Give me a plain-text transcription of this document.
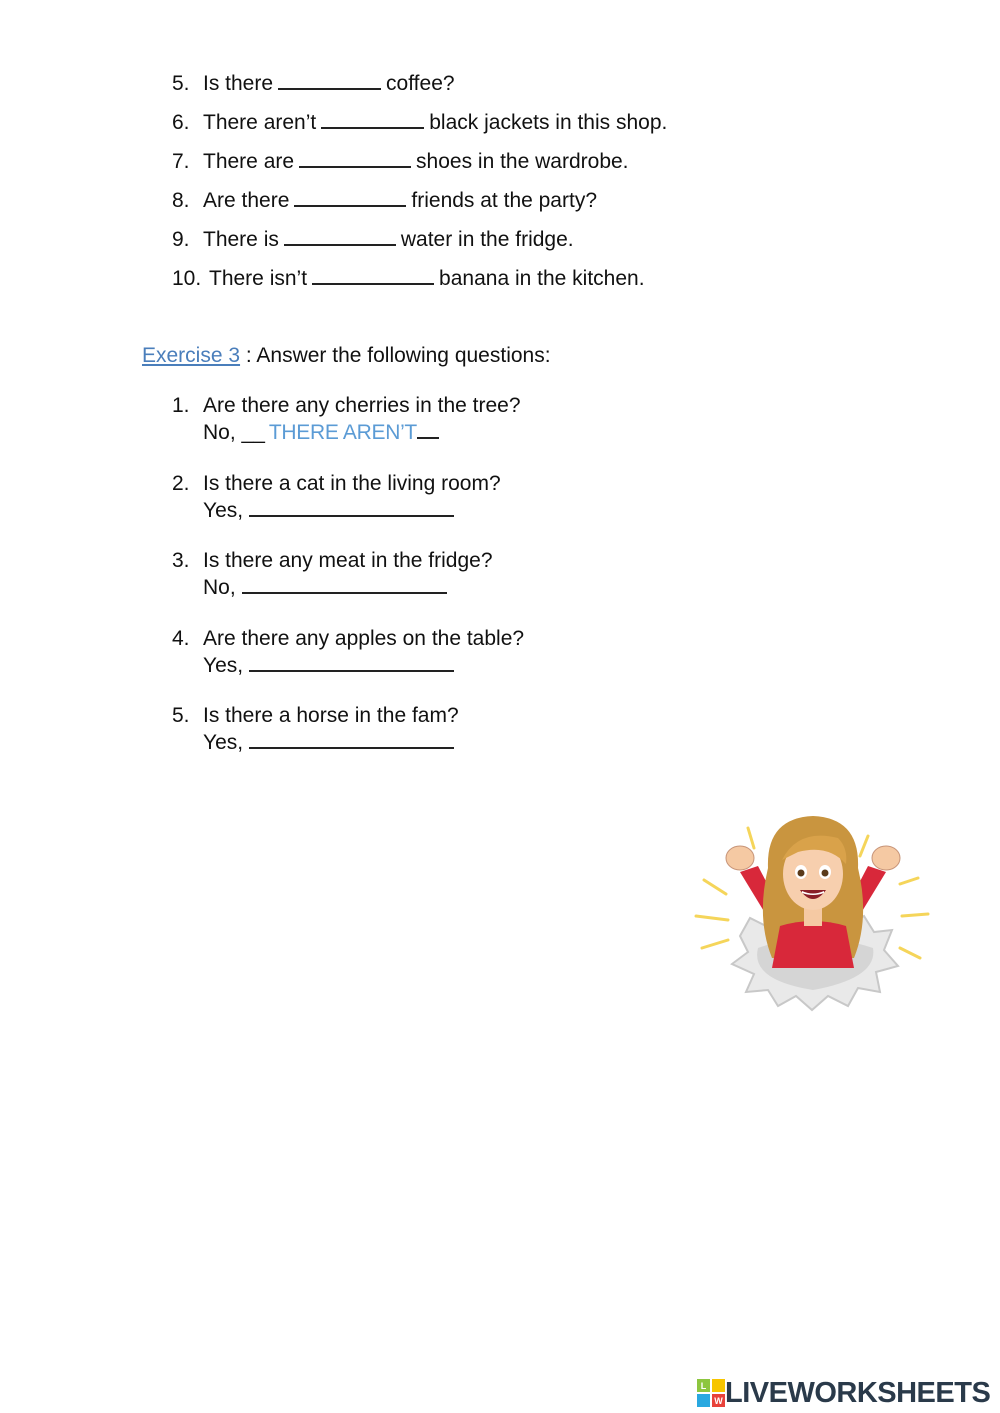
5. Is there	coffee?
6. There aren’t	black jackets in this shop.
7. There are	shoes in the wardrobe.
8. Are there	friends at the party?
9. There is	water in the fridge.
10. There isn’t	banana in the kitchen.
Exercise 3 : Answer the following questions:
1. Are there any cherries in the tree?
No, __ THERE AREN’T
2. Is there a cat in the living room?
Yes,
3. Is there any meat in the fridge?
No,
4. Are there any apples on the table?
Yes,
5. Is there a horse in the fam?
Yes,
L
W LIVEWORKSHEETS
